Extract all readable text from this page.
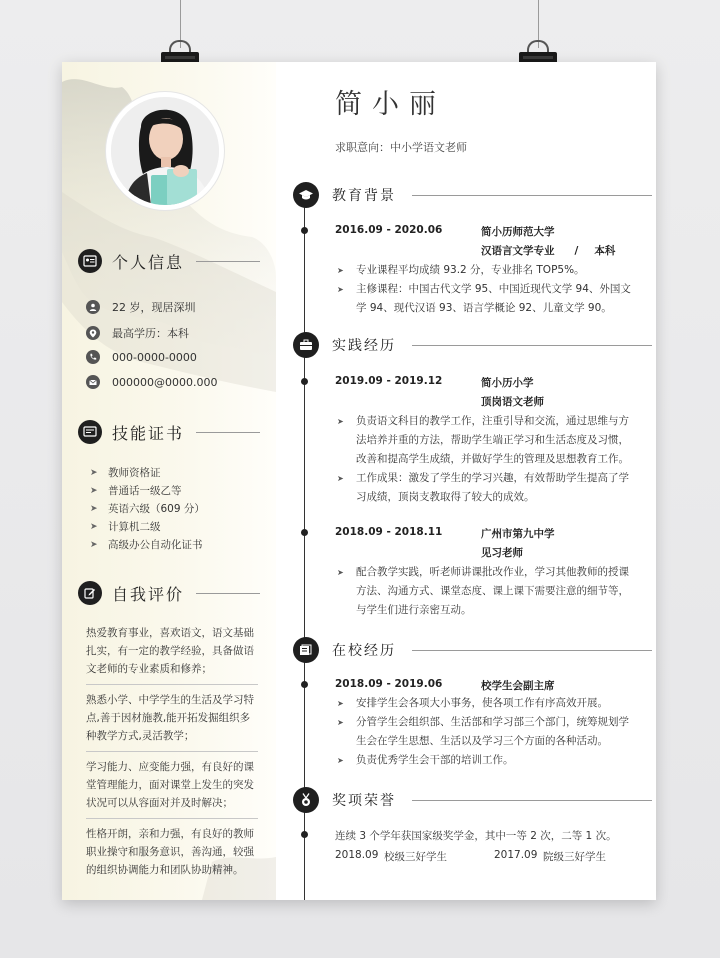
个人信息
22 岁，现居深圳
最高学历：本科
000-0000-0000
000000@0000.000
技能证书
➤ 教师资格证
➤ 普通话一级乙等
➤ 英语六级（609 分）
➤ 计算机二级
➤ 高级办公自动化证书
自我评价

热爱教育事业，喜欢语文，语文基础扎实，有一定的教学经验，具备做语文老师的专业素质和修养；

熟悉小学、中学学生的生活及学习特点,善于因材施教,能开拓发掘组织多种教学方式,灵活教学；

学习能力、应变能力强，有良好的课堂管理能力，面对课堂上发生的突发状况可以从容面对并及时解决；

性格开朗，亲和力强，有良好的教师职业操守和服务意识，善沟通，较强的组织协调能力和团队协助精神。

简小丽
求职意向：中小学语文老师
教育背景
2016.09 - 2020.06	简小历师范大学
汉语言文学专业 / 本科
➤ 专业课程平均成绩 93.2 分，专业排名 TOP5%。
➤ 主修课程：中国古代文学 95、中国近现代文学 94、外国文学 94、现代汉语 93、语言学概论 92、儿童文学 90。
实践经历
2019.09 - 2019.12	简小历小学
顶岗语文老师
➤ 负责语文科目的教学工作，注重引导和交流，通过思维与方法培养并重的方法，帮助学生端正学习和生活态度及习惯，改善和提高学生成绩，并做好学生的管理及思想教育工作。
➤ 工作成果：激发了学生的学习兴趣，有效帮助学生提高了学习成绩，顶岗支教取得了较大的成效。
2018.09 - 2018.11	广州市第九中学
见习老师
➤ 配合教学实践，听老师讲课批改作业，学习其他教师的授课方法、沟通方式、课堂态度、课上课下需要注意的细节等，与学生们进行亲密互动。
在校经历
2018.09 - 2019.06	校学生会副主席
➤ 安排学生会各项大小事务，使各项工作有序高效开展。
➤ 分管学生会组织部、生活部和学习部三个部门，统筹规划学生会在学生思想、生活以及学习三个方面的各种活动。
➤ 负责优秀学生会干部的培训工作。
奖项荣誉
连续 3 个学年获国家级奖学金，其中一等 2 次，二等 1 次。
2018.09 校级三好学生	2017.09 院级三好学生
